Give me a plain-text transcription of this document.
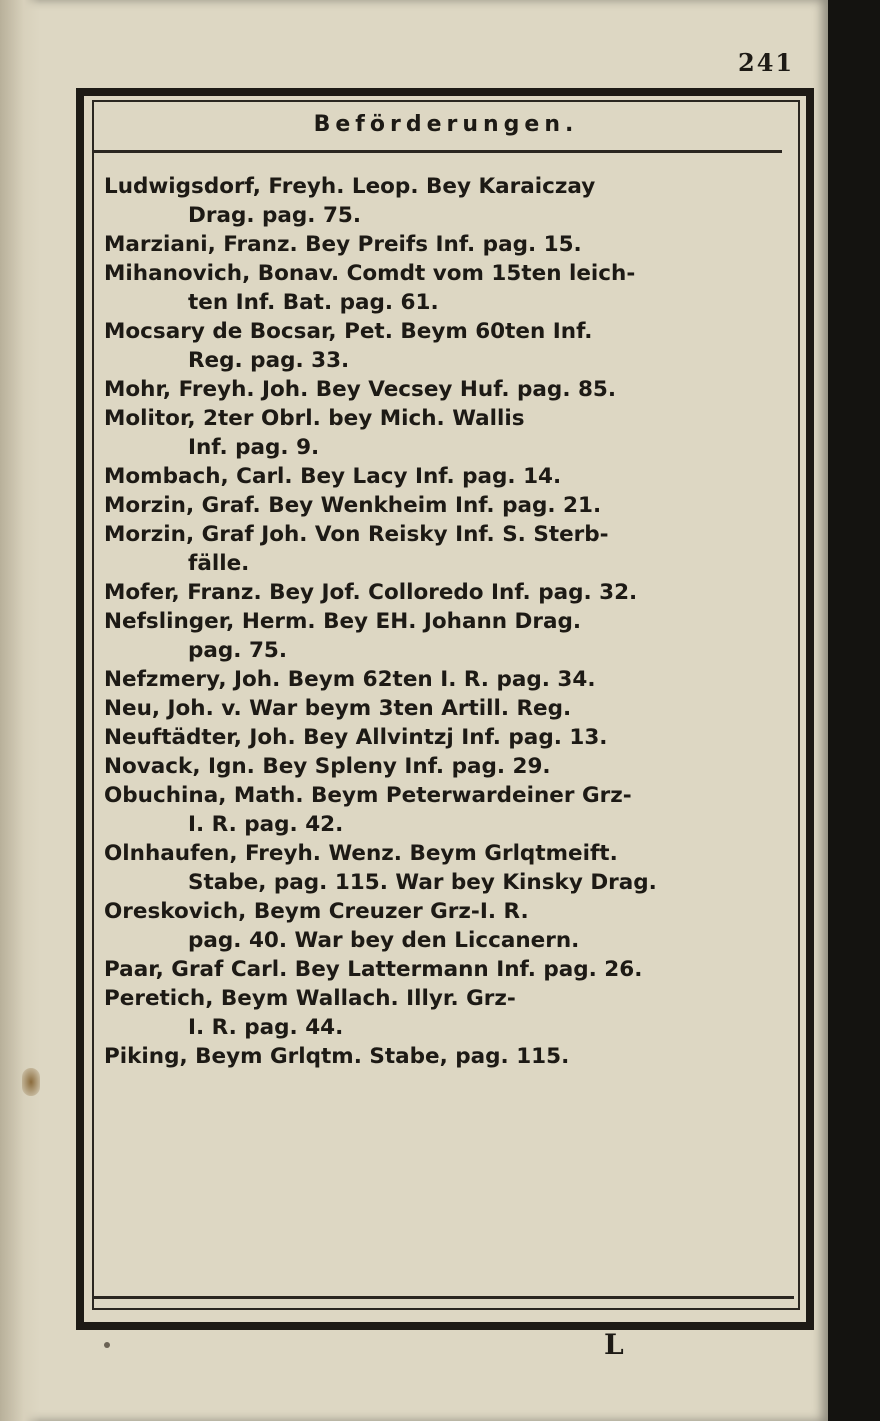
241
Beförderungen.
Ludwigsdorf, Freyh. Leop. Bey Karaiczay
Drag. pag. 75.
Marziani, Franz. Bey Preifs Inf. pag. 15.
Mihanovich, Bonav. Comdt vom 15ten leich-
ten Inf. Bat. pag. 61.
Mocsary de Bocsar, Pet. Beym 60ten Inf.
Reg. pag. 33.
Mohr, Freyh. Joh. Bey Vecsey Huf. pag. 85.
Molitor, 2ter Obrl. bey Mich. Wallis
Inf. pag. 9.
Mombach, Carl. Bey Lacy Inf. pag. 14.
Morzin, Graf. Bey Wenkheim Inf. pag. 21.
Morzin, Graf Joh. Von Reisky Inf. S. Sterb-
fälle.
Mofer, Franz. Bey Jof. Colloredo Inf. pag. 32.
Nefslinger, Herm. Bey EH. Johann Drag.
pag. 75.
Nefzmery, Joh. Beym 62ten I. R. pag. 34.
Neu, Joh. v. War beym 3ten Artill. Reg.
Neuftädter, Joh. Bey Allvintzj Inf. pag. 13.
Novack, Ign. Bey Spleny Inf. pag. 29.
Obuchina, Math. Beym Peterwardeiner Grz-
I. R. pag. 42.
Olnhaufen, Freyh. Wenz. Beym Grlqtmeift.
Stabe, pag. 115. War bey Kinsky Drag.
Oreskovich, Beym Creuzer Grz-I. R.
pag. 40. War bey den Liccanern.
Paar, Graf Carl. Bey Lattermann Inf. pag. 26.
Peretich, Beym Wallach. Illyr. Grz-
I. R. pag. 44.
Piking, Beym Grlqtm. Stabe, pag. 115.
L
